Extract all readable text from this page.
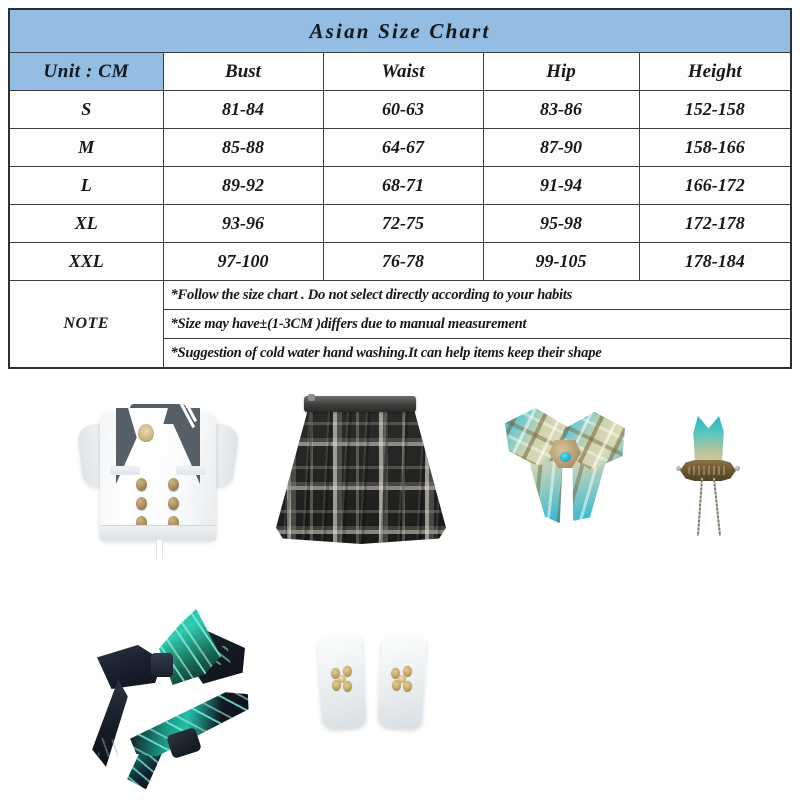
Asian Size Chart				
Unit : CM	Bust	Waist	Hip	Height
S	81-84	60-63	83-86	152-158
M	85-88	64-67	87-90	158-166
L	89-92	68-71	91-94	166-172
XL	93-96	72-75	95-98	172-178
XXL	97-100	76-78	99-105	178-184
NOTE	*Follow the size chart . Do not select directly according to your habits			
	*Size may have±(1-3CM )differs due to manual measurement			
	*Suggestion of cold water hand washing.It can help items keep their shape			
